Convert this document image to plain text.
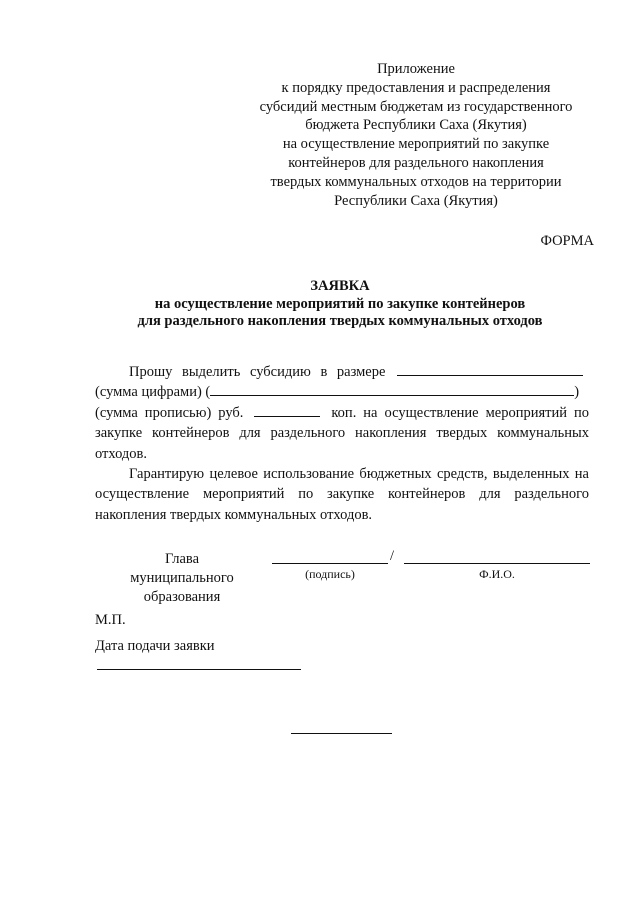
Приложение
к порядку предоставления и распределения
субсидий местным бюджетам из государственного
бюджета Республики Саха (Якутия)
на осуществление мероприятий по закупке
контейнеров для раздельного накопления
твердых коммунальных отходов на территории
Республики Саха (Якутия)
ФОРМА
ЗАЯВКА
на осуществление мероприятий по закупке контейнеров
для раздельного накопления твердых коммунальных отходов
Прошу выделить субсидию в размере
(сумма цифрами) (	)

(сумма прописью) руб.	коп. на осуществление мероприятий по закупке контейнеров для раздельного накопления твердых коммунальных отходов.

Гарантирую целевое использование бюджетных средств, выделенных на осуществление мероприятий по закупке контейнеров для раздельного накопления твердых коммунальных отходов.

Глава
муниципального
образования
/
(подпись)	Ф.И.О.
М.П.
Дата подачи заявки
